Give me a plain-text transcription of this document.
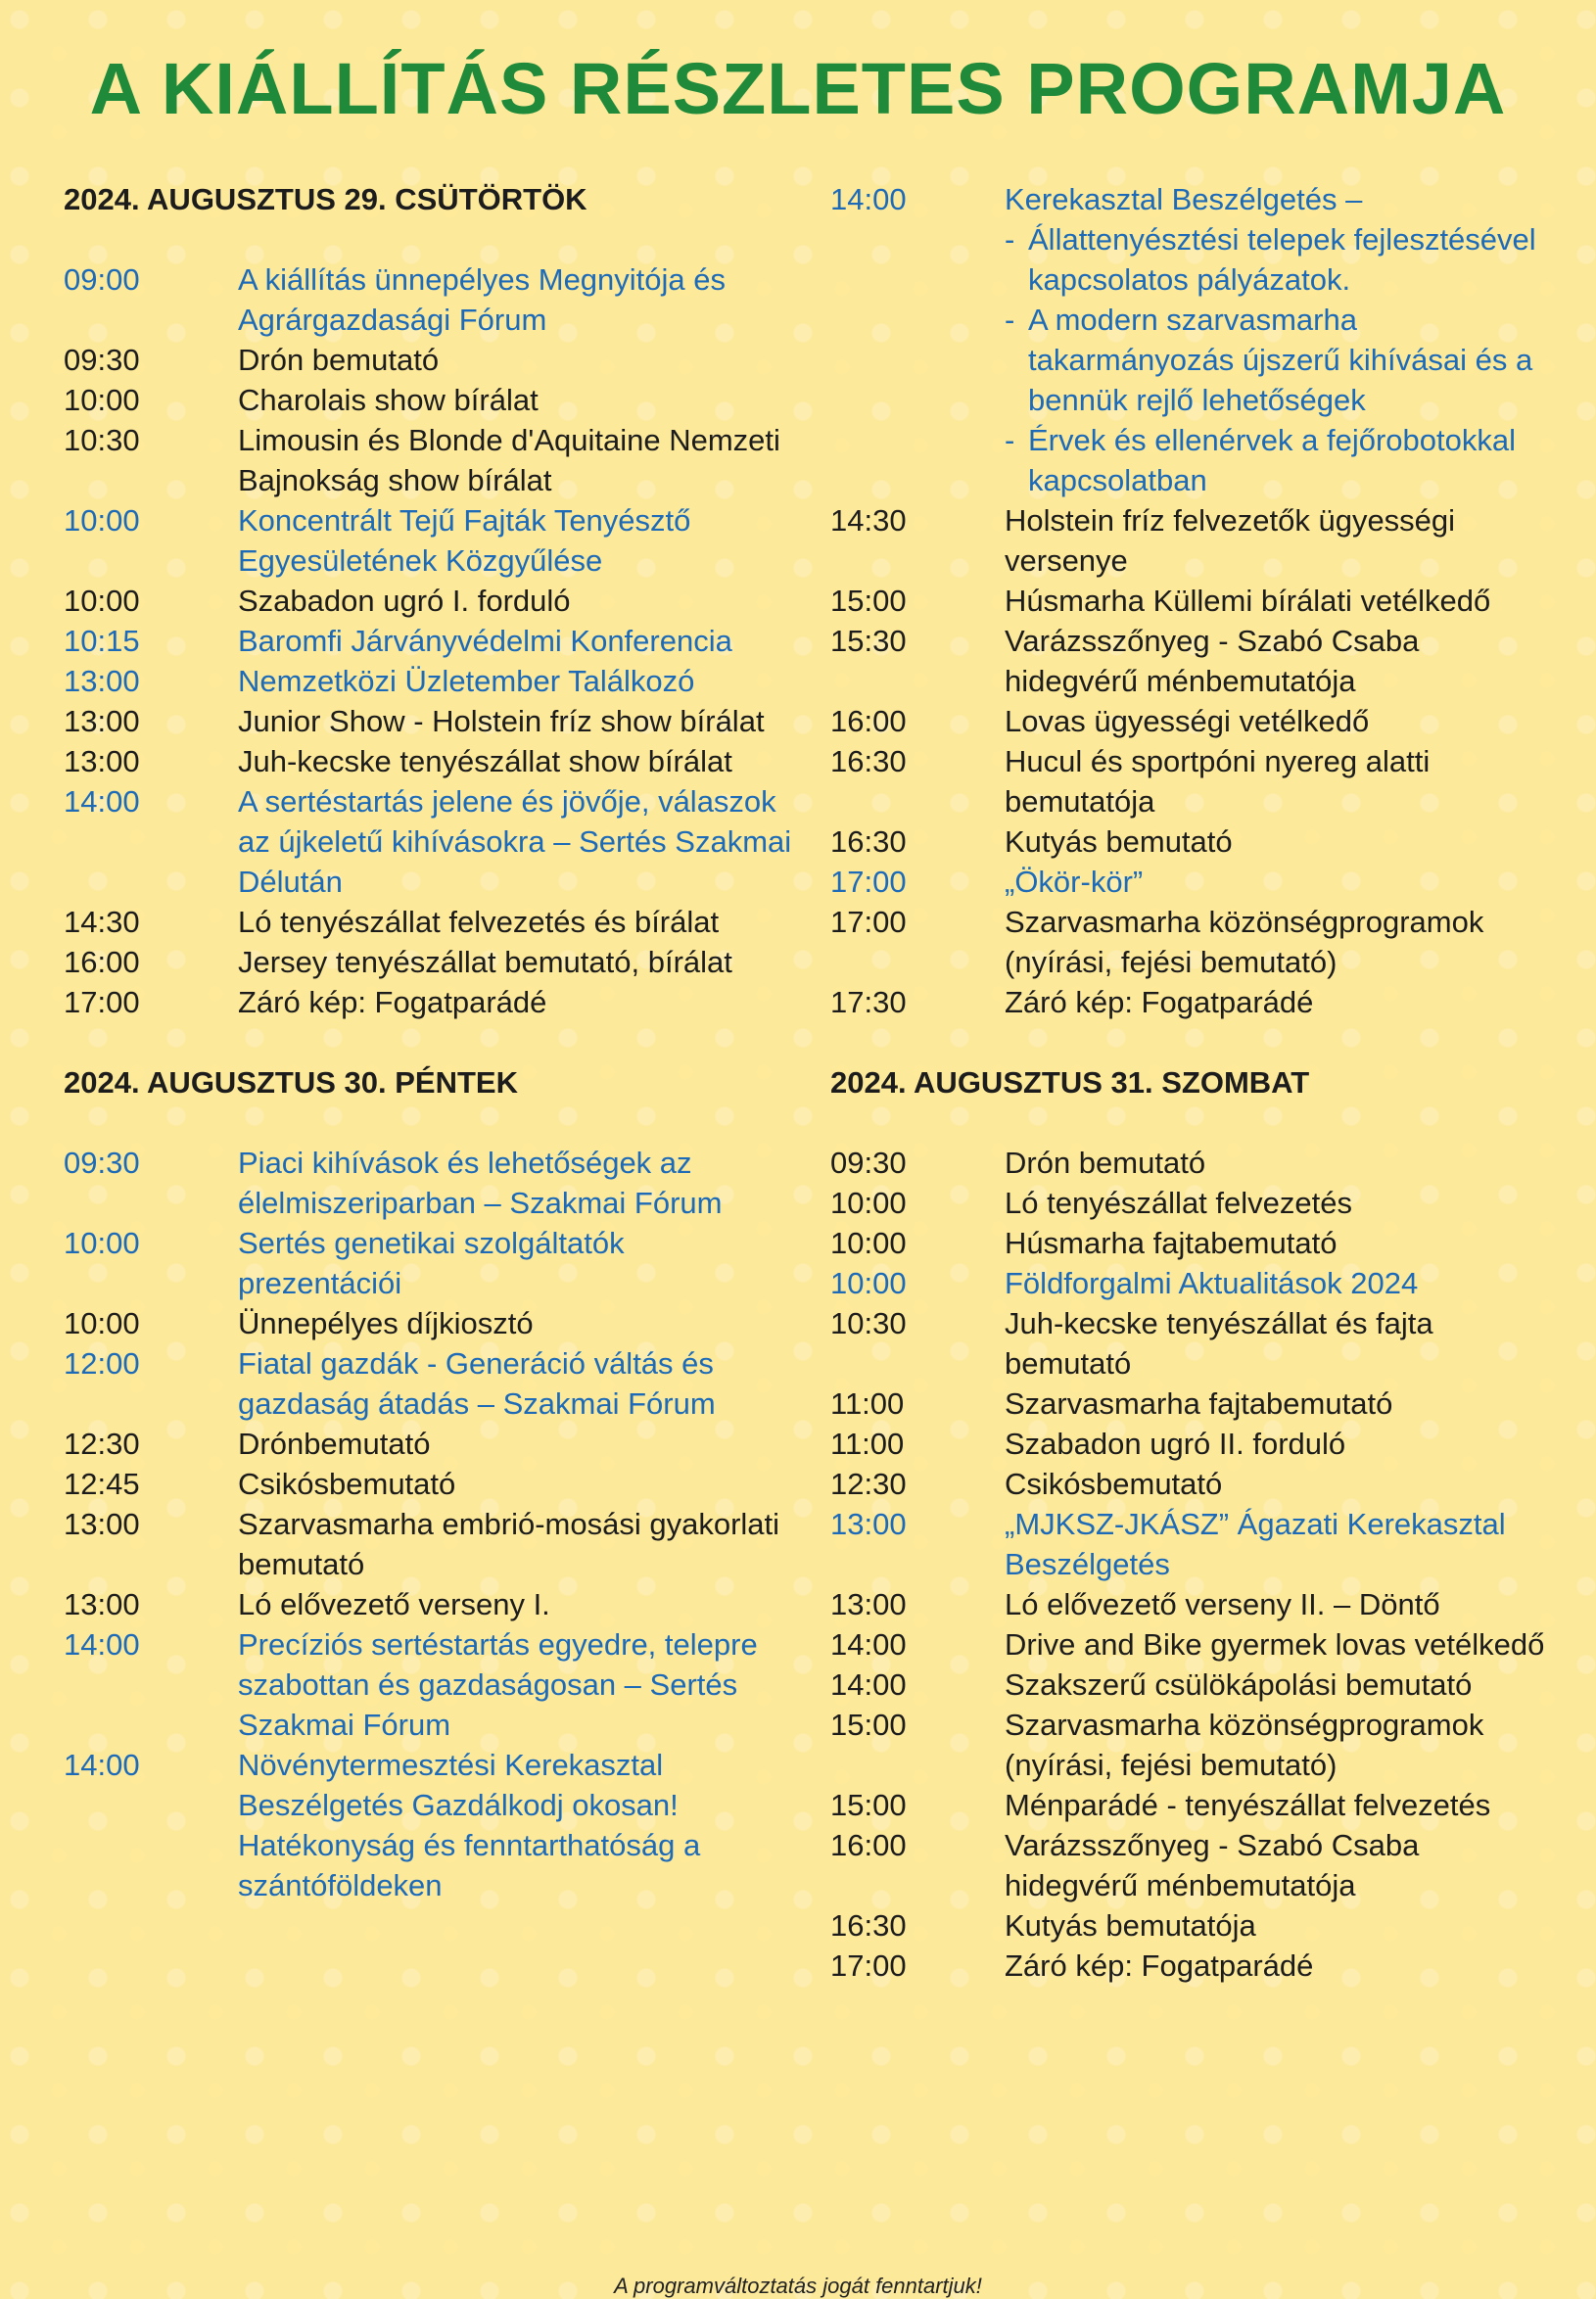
A KIÁLLÍTÁS RÉSZLETES PROGRAMJA
2024. AUGUSZTUS 29. CSÜTÖRTÖK
09:00	A kiállítás ünnepélyes Megnyitója és Agrárgazdasági Fórum
09:30	Drón bemutató
10:00	Charolais show bírálat
10:30	Limousin és Blonde d'Aquitaine Nemzeti Bajnokság show bírálat
10:00	Koncentrált Tejű Fajták Tenyésztő Egyesületének Közgyűlése
10:00	Szabadon ugró I. forduló
10:15	Baromfi Járványvédelmi Konferencia
13:00	Nemzetközi Üzletember Találkozó
13:00	Junior Show - Holstein fríz show bírálat
13:00	Juh-kecske tenyészállat show bírálat
14:00	A sertéstartás jelene és jövője, válaszok az újkeletű kihívásokra – Sertés Szakmai Délután
14:30	Ló tenyészállat felvezetés és bírálat
16:00	Jersey tenyészállat bemutató, bírálat
17:00	Záró kép: Fogatparádé
2024. AUGUSZTUS 30. PÉNTEK
09:30	Piaci kihívások és lehetőségek az élelmiszeriparban – Szakmai Fórum
10:00	Sertés genetikai szolgáltatók prezentációi
10:00	Ünnepélyes díjkiosztó
12:00	Fiatal gazdák - Generáció váltás és gazdaság átadás – Szakmai Fórum
12:30	Drónbemutató
12:45	Csikósbemutató
13:00	Szarvasmarha embrió-mosási gyakorlati bemutató
13:00	Ló elővezető verseny I.
14:00	Precíziós sertéstartás egyedre, telepre szabottan és gazdaságosan – Sertés Szakmai Fórum
14:00	Növénytermesztési Kerekasztal Beszélgetés Gazdálkodj okosan! Hatékonyság és fenntarthatóság a szántóföldeken
14:00	Kerekasztal Beszélgetés –
- Állattenyésztési telepek fejlesztésével kapcsolatos pályázatok.
- A modern szarvasmarha takarmányozás újszerű kihívásai és a bennük rejlő lehetőségek
- Érvek és ellenérvek a fejőrobotokkal kapcsolatban
14:30	Holstein fríz felvezetők ügyességi versenye
15:00	Húsmarha Küllemi bírálati vetélkedő
15:30	Varázsszőnyeg - Szabó Csaba hidegvérű ménbemutatója
16:00	Lovas ügyességi vetélkedő
16:30	Hucul és sportpóni nyereg alatti bemutatója
16:30	Kutyás bemutató
17:00	„Ökör-kör”
17:00	Szarvasmarha közönségprogramok (nyírási, fejési bemutató)
17:30	Záró kép: Fogatparádé
2024. AUGUSZTUS 31. SZOMBAT
09:30	Drón bemutató
10:00	Ló tenyészállat felvezetés
10:00	Húsmarha fajtabemutató
10:00	Földforgalmi Aktualitások 2024
10:30	Juh-kecske tenyészállat és fajta bemutató
11:00	Szarvasmarha fajtabemutató
11:00	Szabadon ugró II. forduló
12:30	Csikósbemutató
13:00	„MJKSZ-JKÁSZ” Ágazati Kerekasztal Beszélgetés
13:00	Ló elővezető verseny II. – Döntő
14:00	Drive and Bike gyermek lovas vetélkedő
14:00	Szakszerű csülökápolási bemutató
15:00	Szarvasmarha közönségprogramok (nyírási, fejési bemutató)
15:00	Ménparádé - tenyészállat felvezetés
16:00	Varázsszőnyeg - Szabó Csaba hidegvérű ménbemutatója
16:30	Kutyás bemutatója
17:00	Záró kép: Fogatparádé

A programváltoztatás jogát fenntartjuk!
